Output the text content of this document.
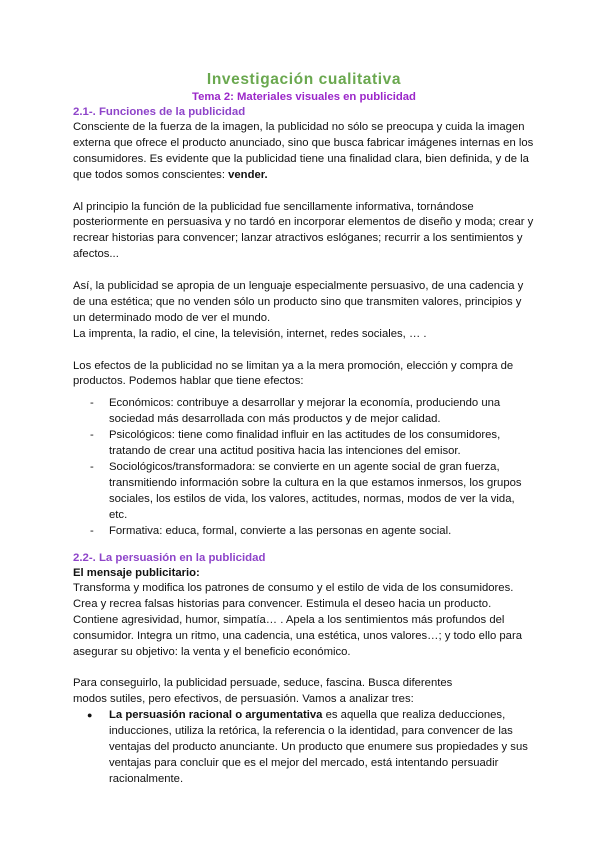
Investigación cualitativa
Tema 2: Materiales visuales en publicidad
2.1-. Funciones de la publicidad

Consciente de la fuerza de la imagen, la publicidad no sólo se preocupa y cuida la imagen externa que ofrece el producto anunciado, sino que busca fabricar imágenes internas en los consumidores. Es evidente que la publicidad tiene una finalidad clara, bien definida, y de la que todos somos conscientes: vender.

Al principio la función de la publicidad fue sencillamente informativa, tornándose posteriormente en persuasiva y no tardó en incorporar elementos de diseño y moda; crear y recrear historias para convencer; lanzar atractivos eslóganes; recurrir a los sentimientos y afectos...

Así, la publicidad se apropia de un lenguaje especialmente persuasivo, de una cadencia y de una estética; que no venden sólo un producto sino que transmiten valores, principios y un determinado modo de ver el mundo.

La imprenta, la radio, el cine, la televisión, internet, redes sociales, … .

Los efectos de la publicidad no se limitan ya a la mera promoción, elección y compra de productos. Podemos hablar que tiene efectos:

- Económicos: contribuye a desarrollar y mejorar la economía, produciendo una sociedad más desarrollada con más productos y de mejor calidad.
- Psicológicos: tiene como finalidad influir en las actitudes de los consumidores, tratando de crear una actitud positiva hacia las intenciones del emisor.
- Sociológicos/transformadora: se convierte en un agente social de gran fuerza, transmitiendo información sobre la cultura en la que estamos inmersos, los grupos sociales, los estilos de vida, los valores, actitudes, normas, modos de ver la vida, etc.
- Formativa: educa, formal, convierte a las personas en agente social.
2.2-. La persuasión en la publicidad
El mensaje publicitario:

Transforma y modifica los patrones de consumo y el estilo de vida de los consumidores. Crea y recrea falsas historias para convencer. Estimula el deseo hacia un producto. Contiene agresividad, humor, simpatía… . Apela a los sentimientos más profundos del consumidor. Integra un ritmo, una cadencia, una estética, unos valores…; y todo ello para asegurar su objetivo: la venta y el beneficio económico.

Para conseguirlo, la publicidad persuade, seduce, fascina. Busca diferentes
modos sutiles, pero efectivos, de persuasión. Vamos a analizar tres:

● La persuasión racional o argumentativa es aquella que realiza deducciones, inducciones, utiliza la retórica, la referencia o la identidad, para convencer de las ventajas del producto anunciante. Un producto que enumere sus propiedades y sus ventajas para concluir que es el mejor del mercado, está intentando persuadir racionalmente.
